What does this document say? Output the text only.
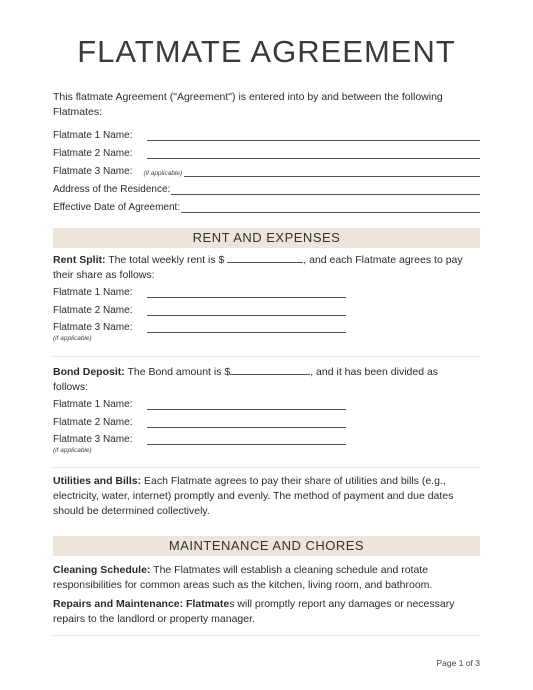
FLATMATE AGREEMENT
This flatmate Agreement ("Agreement") is entered into by and between the following Flatmates:
Flatmate 1 Name:
Flatmate 2 Name:
Flatmate 3 Name: (if applicable)
Address of the Residence:
Effective Date of Agreement:
RENT AND EXPENSES
Rent Split: The total weekly rent is $	, and each Flatmate agrees to pay their share as follows:
Flatmate 1 Name:
Flatmate 2 Name:
Flatmate 3 Name:
(if applicable)
Bond Deposit: The Bond amount is $	, and it has been divided as follows:
Flatmate 1 Name:
Flatmate 2 Name:
Flatmate 3 Name:
(if applicable)
Utilities and Bills: Each Flatmate agrees to pay their share of utilities and bills (e.g., electricity, water, internet) promptly and evenly. The method of payment and due dates should be determined collectively.
MAINTENANCE AND CHORES
Cleaning Schedule: The Flatmates will establish a cleaning schedule and rotate responsibilities for common areas such as the kitchen, living room, and bathroom.
Repairs and Maintenance: Flatmates will promptly report any damages or necessary repairs to the landlord or property manager.
Page 1 of 3
